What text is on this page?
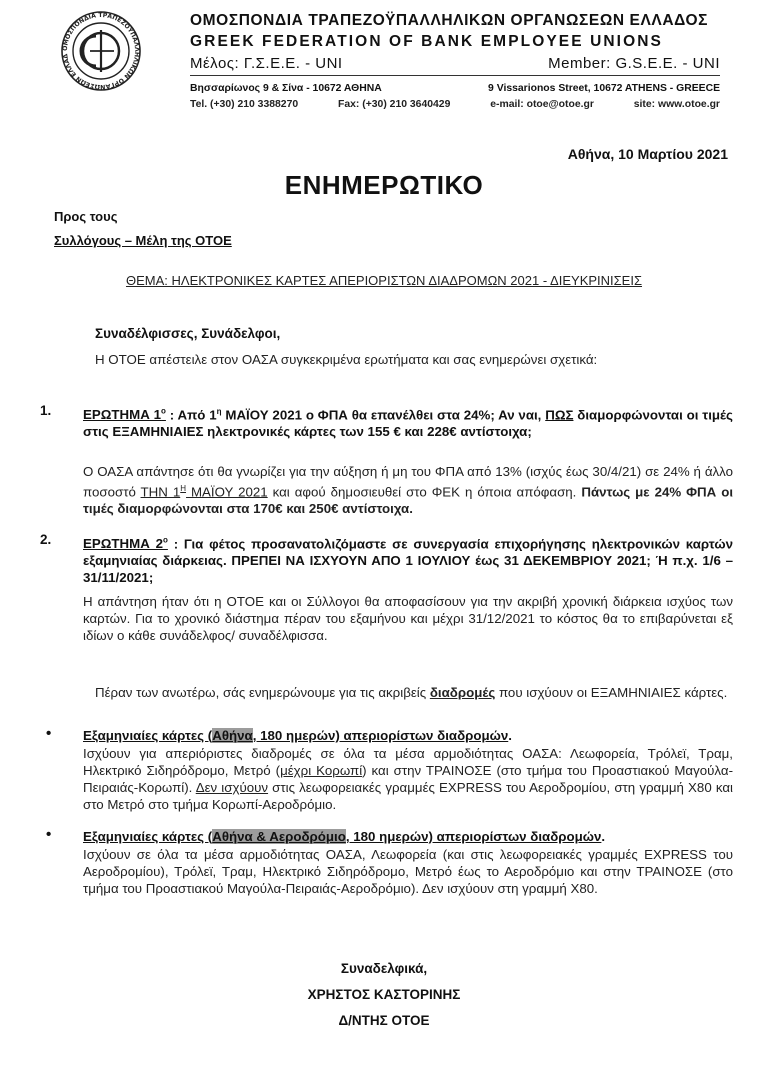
ΟΜΟΣΠΟΝΔΙΑ ΤΡΑΠΕΖΟΫΠΑΛΛΗΛΙΚΩΝ ΟΡΓΑΝΩΣΕΩΝ ΕΛΛΑΔ
ΟΜΟΣΠΟΝΔΙΑ ΤΡΑΠΕΖΟΫΠΑΛΛΗΛΙΚΩΝ ΟΡΓΑΝΩΣΕΩΝ ΕΛΛΑΔΟΣ
GREEK FEDERATION OF BANK EMPLOYEE UNIONS
Μέλος: Γ.Σ.Ε.Ε. - UNI	Member: G.S.E.E. - UNI
Βησσαρίωνος 9 & Σίνα - 10672 ΑΘΗΝΑ	9 Vissarionos Street, 10672 ATHENS - GREECE
Tel. (+30) 210 3388270	Fax: (+30) 210 3640429	e-mail: otoe@otoe.gr	site: www.otoe.gr
Αθήνα, 10 Μαρτίου 2021
ΕΝΗΜΕΡΩΤΙΚΟ
Προς τους
Συλλόγους – Μέλη της ΟΤΟΕ
ΘΕΜΑ: ΗΛΕΚΤΡΟΝΙΚΕΣ ΚΑΡΤΕΣ ΑΠΕΡΙΟΡΙΣΤΩΝ ΔΙΑΔΡΟΜΩΝ 2021 - ΔΙΕΥΚΡΙΝΙΣΕΙΣ
Συναδέλφισσες, Συνάδελφοι,
Η ΟΤΟΕ απέστειλε στον ΟΑΣΑ συγκεκριμένα ερωτήματα και σας ενημερώνει σχετικά:
1. ΕΡΩΤΗΜΑ $1^o$ : Από $1^\eta$ ΜΑΪΟΥ 2021 ο ΦΠΑ θα επανέλθει στα 24%; Αν ναι, ΠΩΣ διαμορφώνονται οι τιμές στις ΕΞΑΜΗΝΙΑΙΕΣ ηλεκτρονικές κάρτες των 155 € και 228€ αντίστοιχα;
Ο ΟΑΣΑ απάντησε ότι θα γνωρίζει για την αύξηση ή μη του ΦΠΑ από 13% (ισχύς έως 30/4/21) σε 24% ή άλλο ποσοστό ΤΗΝ $1^H$ ΜΑΪΟΥ 2021 και αφού δημοσιευθεί στο ΦΕΚ η όποια απόφαση. Πάντως με 24% ΦΠΑ οι τιμές διαμορφώνονται στα 170€ και 250€ αντίστοιχα.
2. ΕΡΩΤΗΜΑ $2^o$ : Για φέτος προσανατολιζόμαστε σε συνεργασία επιχορήγησης ηλεκτρονικών καρτών εξαμηνιαίας διάρκειας. ΠΡΕΠΕΙ ΝΑ ΙΣΧΥΟΥΝ ΑΠΟ 1 ΙΟΥΛΙΟΥ έως 31 ΔΕΚΕΜΒΡΙΟΥ 2021; Ή π.χ. 1/6 – 31/11/2021;
Η απάντηση ήταν ότι η ΟΤΟΕ και οι Σύλλογοι θα αποφασίσουν για την ακριβή χρονική διάρκεια ισχύος των καρτών. Για το χρονικό διάστημα πέραν του εξαμήνου και μέχρι 31/12/2021 το κόστος θα το επιβαρύνεται εξ ιδίων ο κάθε συνάδελφος/ συναδέλφισσα.
Πέραν των ανωτέρω, σάς ενημερώνουμε για τις ακριβείς διαδρομές που ισχύουν οι ΕΞΑΜΗΝΙΑΙΕΣ κάρτες.
• Εξαμηνιαίες κάρτες (Αθήνα, 180 ημερών) απεριορίστων διαδρομών.
Ισχύουν για απεριόριστες διαδρομές σε όλα τα μέσα αρμοδιότητας ΟΑΣΑ: Λεωφορεία, Τρόλεϊ, Τραμ, Ηλεκτρικό Σιδηρόδρομο, Μετρό (μέχρι Κορωπί) και στην ΤΡΑΙΝΟΣΕ (στο τμήμα του Προαστιακού Μαγούλα-Πειραιάς-Κορωπί). Δεν ισχύουν στις λεωφορειακές γραμμές EXPRESS του Αεροδρομίου, στη γραμμή Χ80 και στο Μετρό στο τμήμα Κορωπί-Αεροδρόμιο.
• Εξαμηνιαίες κάρτες (Αθήνα & Αεροδρόμιο, 180 ημερών) απεριορίστων διαδρομών.
Ισχύουν σε όλα τα μέσα αρμοδιότητας ΟΑΣΑ, Λεωφορεία (και στις λεωφορειακές γραμμές EXPRESS του Αεροδρομίου), Τρόλεϊ, Τραμ, Ηλεκτρικό Σιδηρόδρομο, Μετρό έως το Αεροδρόμιο και στην ΤΡΑΙΝΟΣΕ (στο τμήμα του Προαστιακού Μαγούλα-Πειραιάς-Αεροδρόμιο). Δεν ισχύουν στη γραμμή Χ80.
Συναδελφικά,
ΧΡΗΣΤΟΣ ΚΑΣΤΟΡΙΝΗΣ
Δ/ΝΤΗΣ ΟΤΟΕ
